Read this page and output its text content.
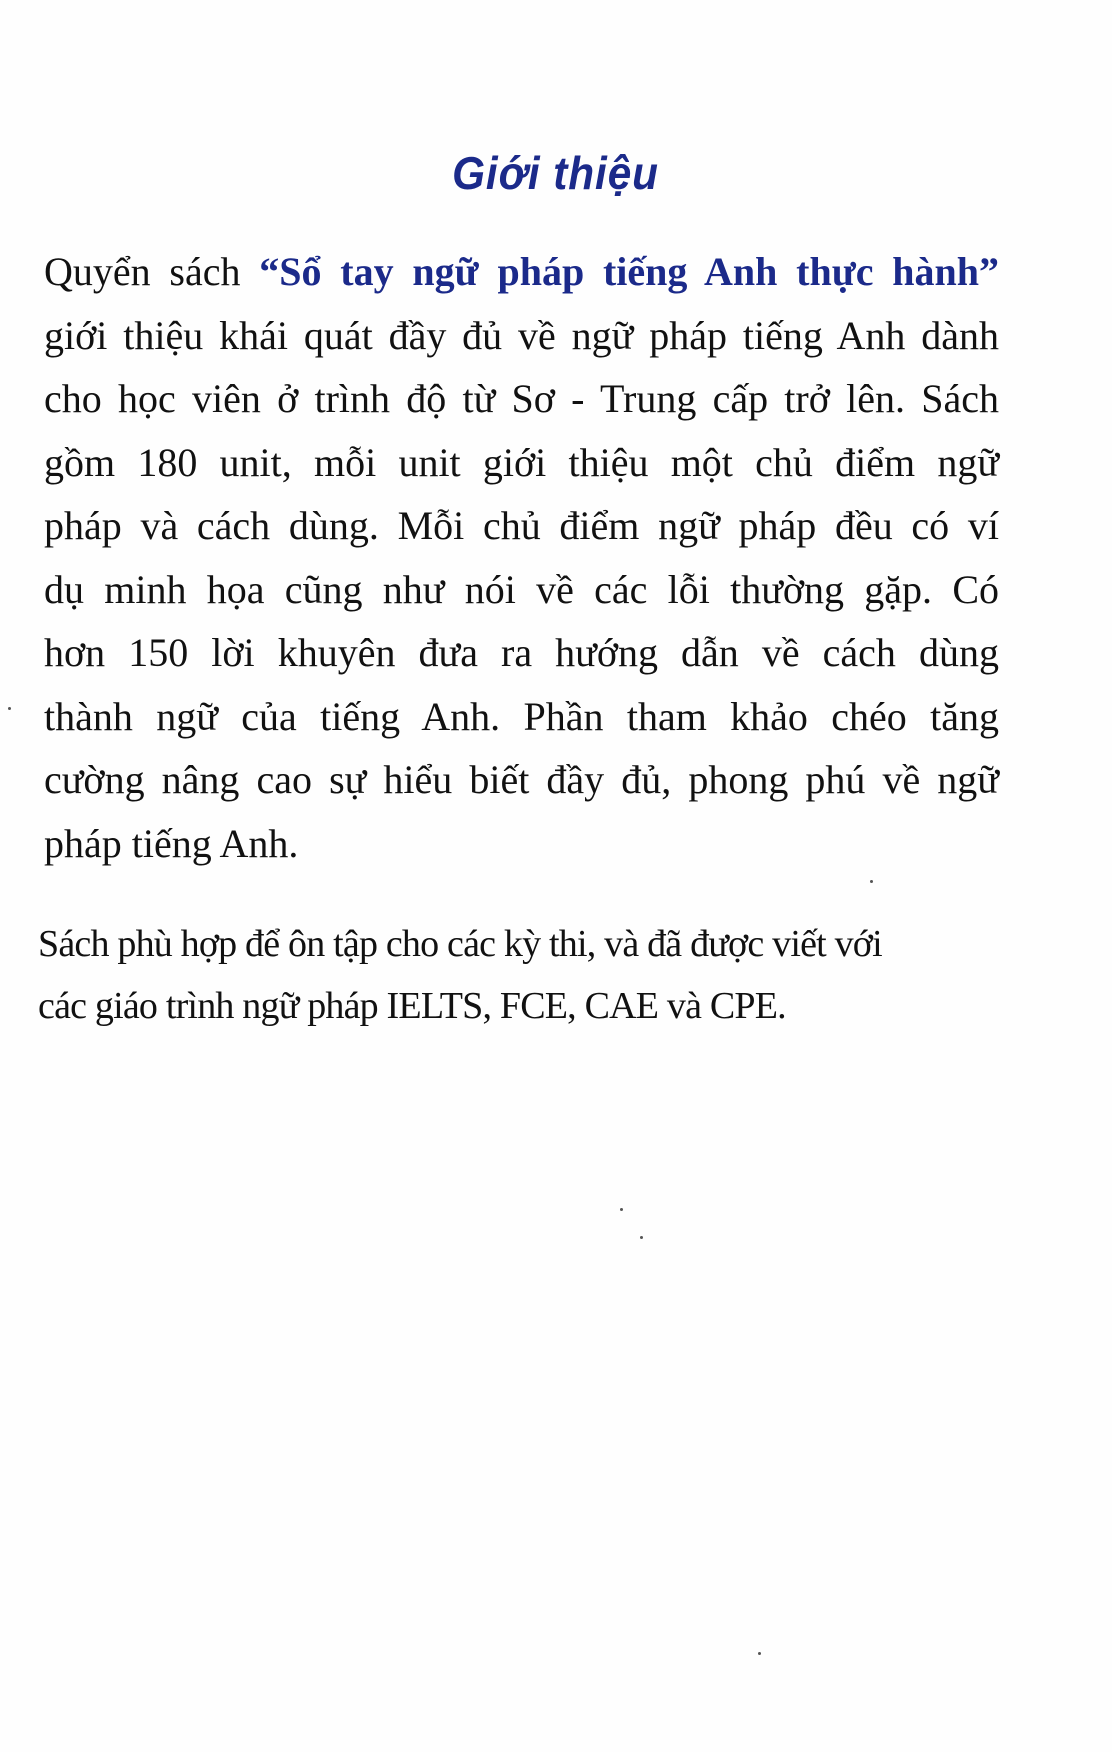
Giới thiệu
Quyển sách “Sổ tay ngữ pháp tiếng Anh thực hành”
giới thiệu khái quát đầy đủ về ngữ pháp tiếng Anh dành
cho học viên ở trình độ từ Sơ - Trung cấp trở lên. Sách
gồm 180 unit, mỗi unit giới thiệu một chủ điểm ngữ
pháp và cách dùng. Mỗi chủ điểm ngữ pháp đều có ví
dụ minh họa cũng như nói về các lỗi thường gặp. Có
hơn 150 lời khuyên đưa ra hướng dẫn về cách dùng
thành ngữ của tiếng Anh. Phần tham khảo chéo tăng
cường nâng cao sự hiểu biết đầy đủ, phong phú về ngữ
pháp tiếng Anh.
Sách phù hợp để ôn tập cho các kỳ thi, và đã được viết với
các giáo trình ngữ pháp IELTS, FCE, CAE và CPE.
